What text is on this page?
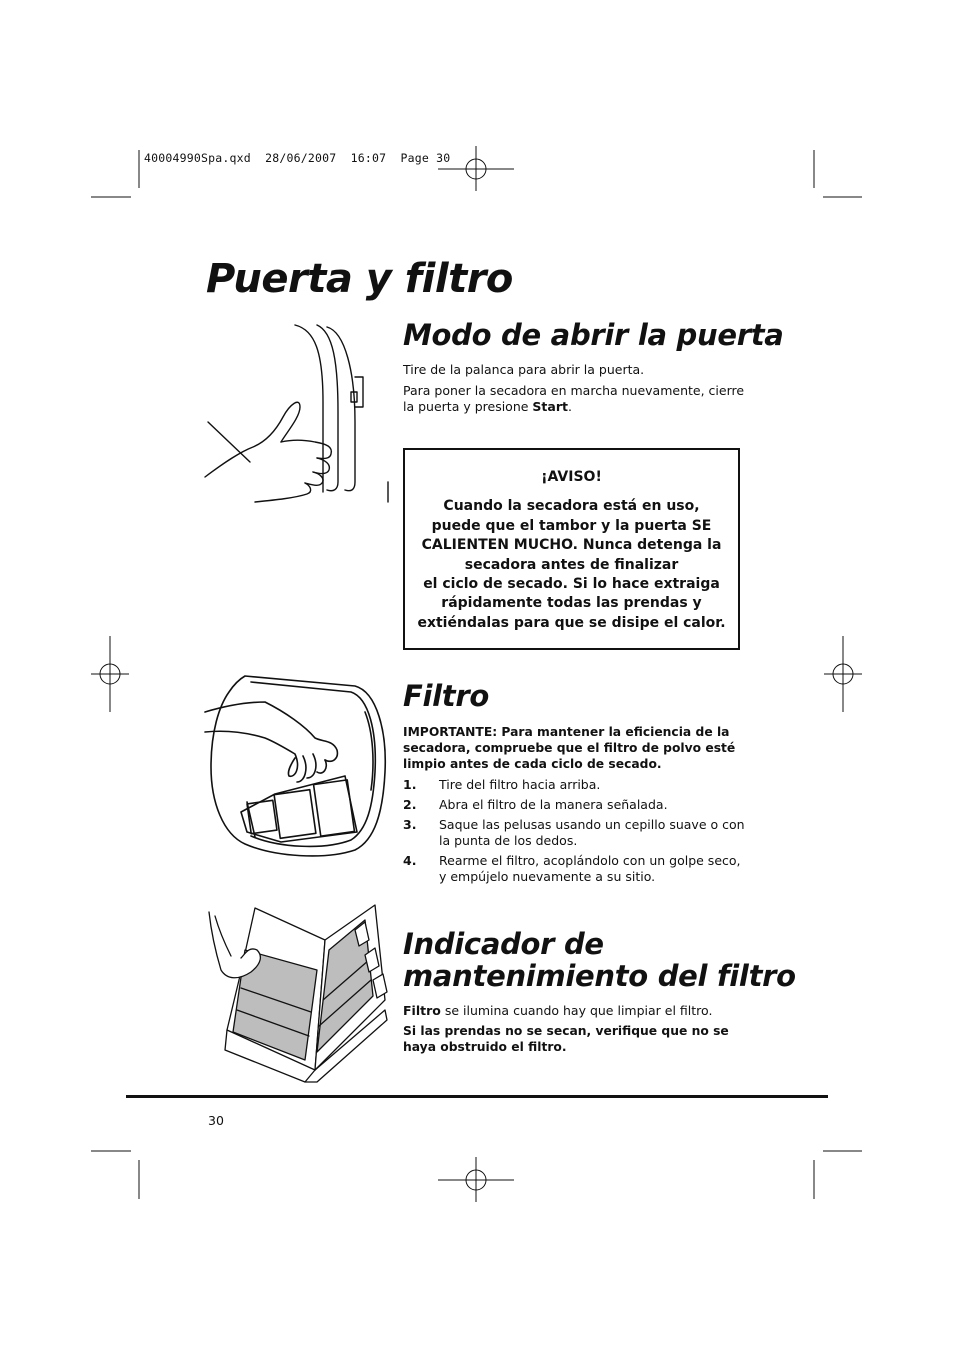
40004990Spa.qxd  28/06/2007  16:07  Page 30
Puerta y filtro
Modo de abrir la puerta

Tire de la palanca para abrir la puerta.

Para poner la secadora en marcha nuevamente, cierre la puerta y presione Start.

¡AVISO!
Cuando la secadora está en uso, puede que el tambor y la puerta SE CALIENTEN MUCHO. Nunca detenga la secadora antes de finalizar
el ciclo de secado. Si lo hace extraiga rápidamente todas las prendas y extiéndalas para que se disipe el calor.
Filtro

IMPORTANTE: Para mantener la eficiencia de la secadora, compruebe que el filtro de polvo esté limpio antes de cada ciclo de secado.

1. Tire del filtro hacia arriba.
2. Abra el filtro de la manera señalada.
3. Saque las pelusas usando un cepillo suave o con la punta de los dedos.
4. Rearme el filtro, acoplándolo con un golpe seco, y empújelo nuevamente a su sitio.
Indicador de
mantenimiento del filtro

Filtro se ilumina cuando hay que limpiar el filtro.

Si las prendas no se secan, verifique que no se haya obstruido el filtro.

30
